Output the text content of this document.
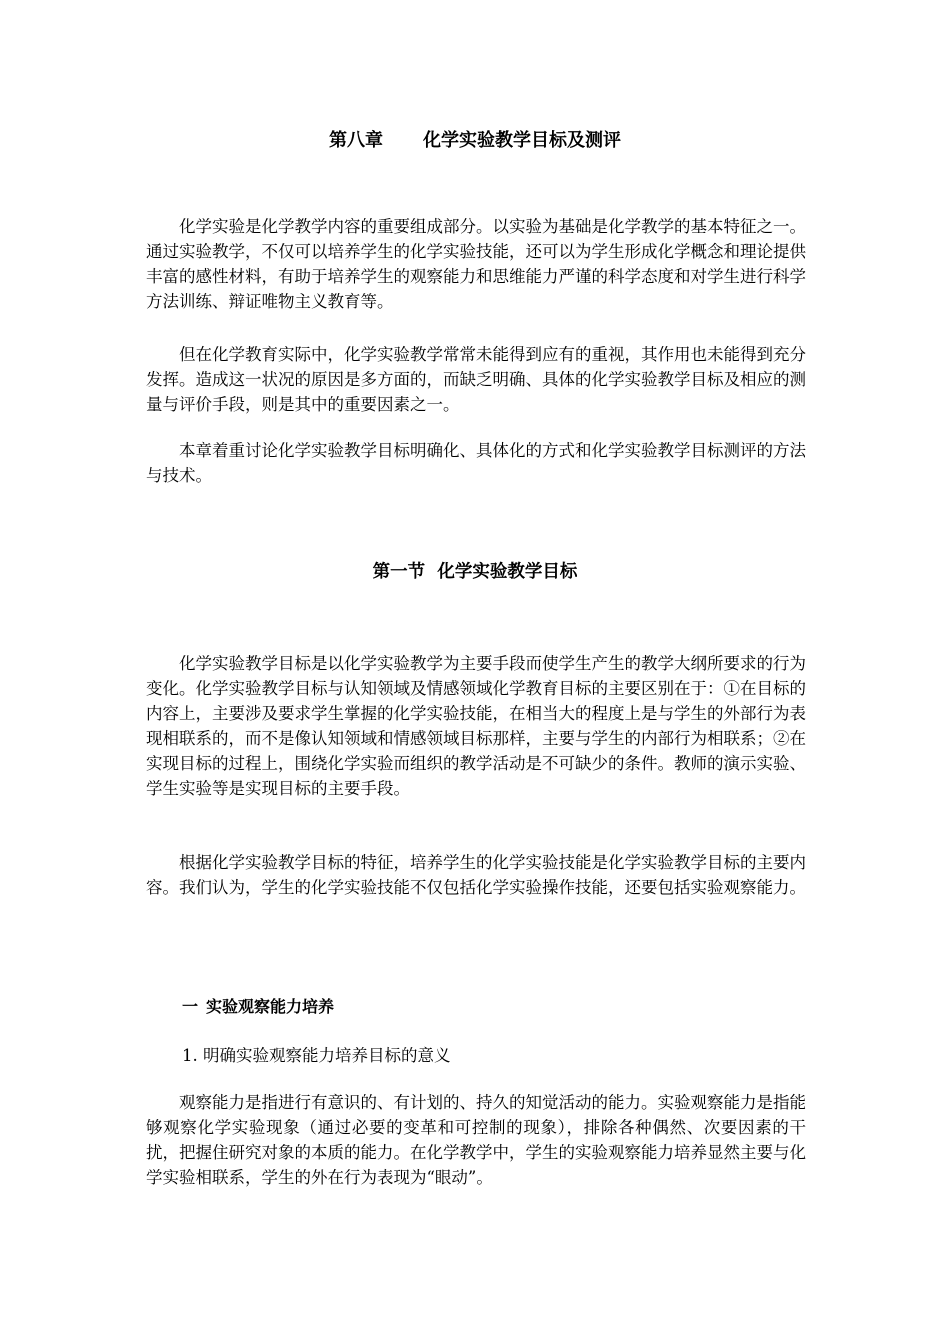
第八章 化学实验教学目标及测评

化学实验是化学教学内容的重要组成部分。以实验为基础是化学教学的基本特征之一。通过实验教学，不仅可以培养学生的化学实验技能，还可以为学生形成化学概念和理论提供丰富的感性材料，有助于培养学生的观察能力和思维能力严谨的科学态度和对学生进行科学方法训练、辩证唯物主义教育等。

但在化学教育实际中，化学实验教学常常未能得到应有的重视，其作用也未能得到充分发挥。造成这一状况的原因是多方面的，而缺乏明确、具体的化学实验教学目标及相应的测量与评价手段，则是其中的重要因素之一。

本章着重讨论化学实验教学目标明确化、具体化的方式和化学实验教学目标测评的方法与技术。

第一节  化学实验教学目标

化学实验教学目标是以化学实验教学为主要手段而使学生产生的教学大纲所要求的行为变化。化学实验教学目标与认知领域及情感领域化学教育目标的主要区别在于：①在目标的内容上，主要涉及要求学生掌握的化学实验技能，在相当大的程度上是与学生的外部行为表现相联系的，而不是像认知领域和情感领域目标那样，主要与学生的内部行为相联系；②在实现目标的过程上，围绕化学实验而组织的教学活动是不可缺少的条件。教师的演示实验、学生实验等是实现目标的主要手段。

根据化学实验教学目标的特征，培养学生的化学实验技能是化学实验教学目标的主要内容。我们认为，学生的化学实验技能不仅包括化学实验操作技能，还要包括实验观察能力。

一 实验观察能力培养

1. 明确实验观察能力培养目标的意义

观察能力是指进行有意识的、有计划的、持久的知觉活动的能力。实验观察能力是指能够观察化学实验现象（通过必要的变革和可控制的现象），排除各种偶然、次要因素的干扰，把握住研究对象的本质的能力。在化学教学中，学生的实验观察能力培养显然主要与化学实验相联系，学生的外在行为表现为“眼动”。
